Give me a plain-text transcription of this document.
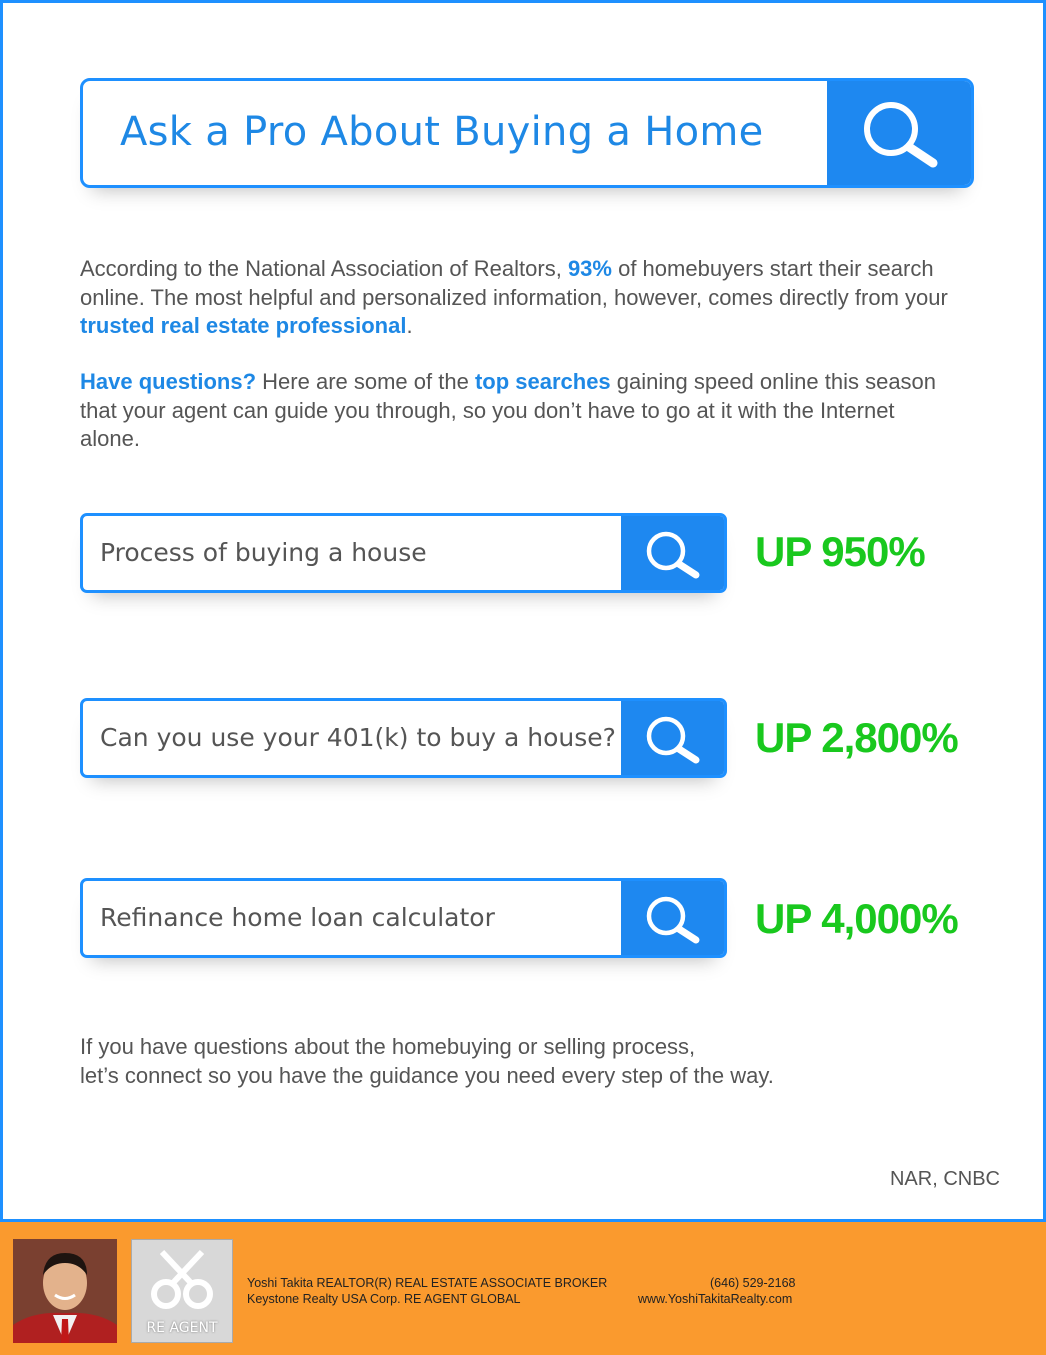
Ask a Pro About Buying a Home
According to the National Association of Realtors, 93% of homebuyers start their search online. The most helpful and personalized information, however, comes directly from your trusted real estate professional.
Have questions? Here are some of the top searches gaining speed online this season that your agent can guide you through, so you don’t have to go at it with the Internet alone.
Process of buying a house	UP 950%
Can you use your 401(k) to buy a house?	UP 2,800%
Refinance home loan calculator	UP 4,000%
If you have questions about the homebuying or selling process,
let’s connect so you have the guidance you need every step of the way.
NAR, CNBC
RE AGENT
Yoshi Takita REALTOR(R) REAL ESTATE ASSOCIATE BROKER
Keystone Realty USA Corp. RE AGENT GLOBAL
(646) 529-2168
www.YoshiTakitaRealty.com
